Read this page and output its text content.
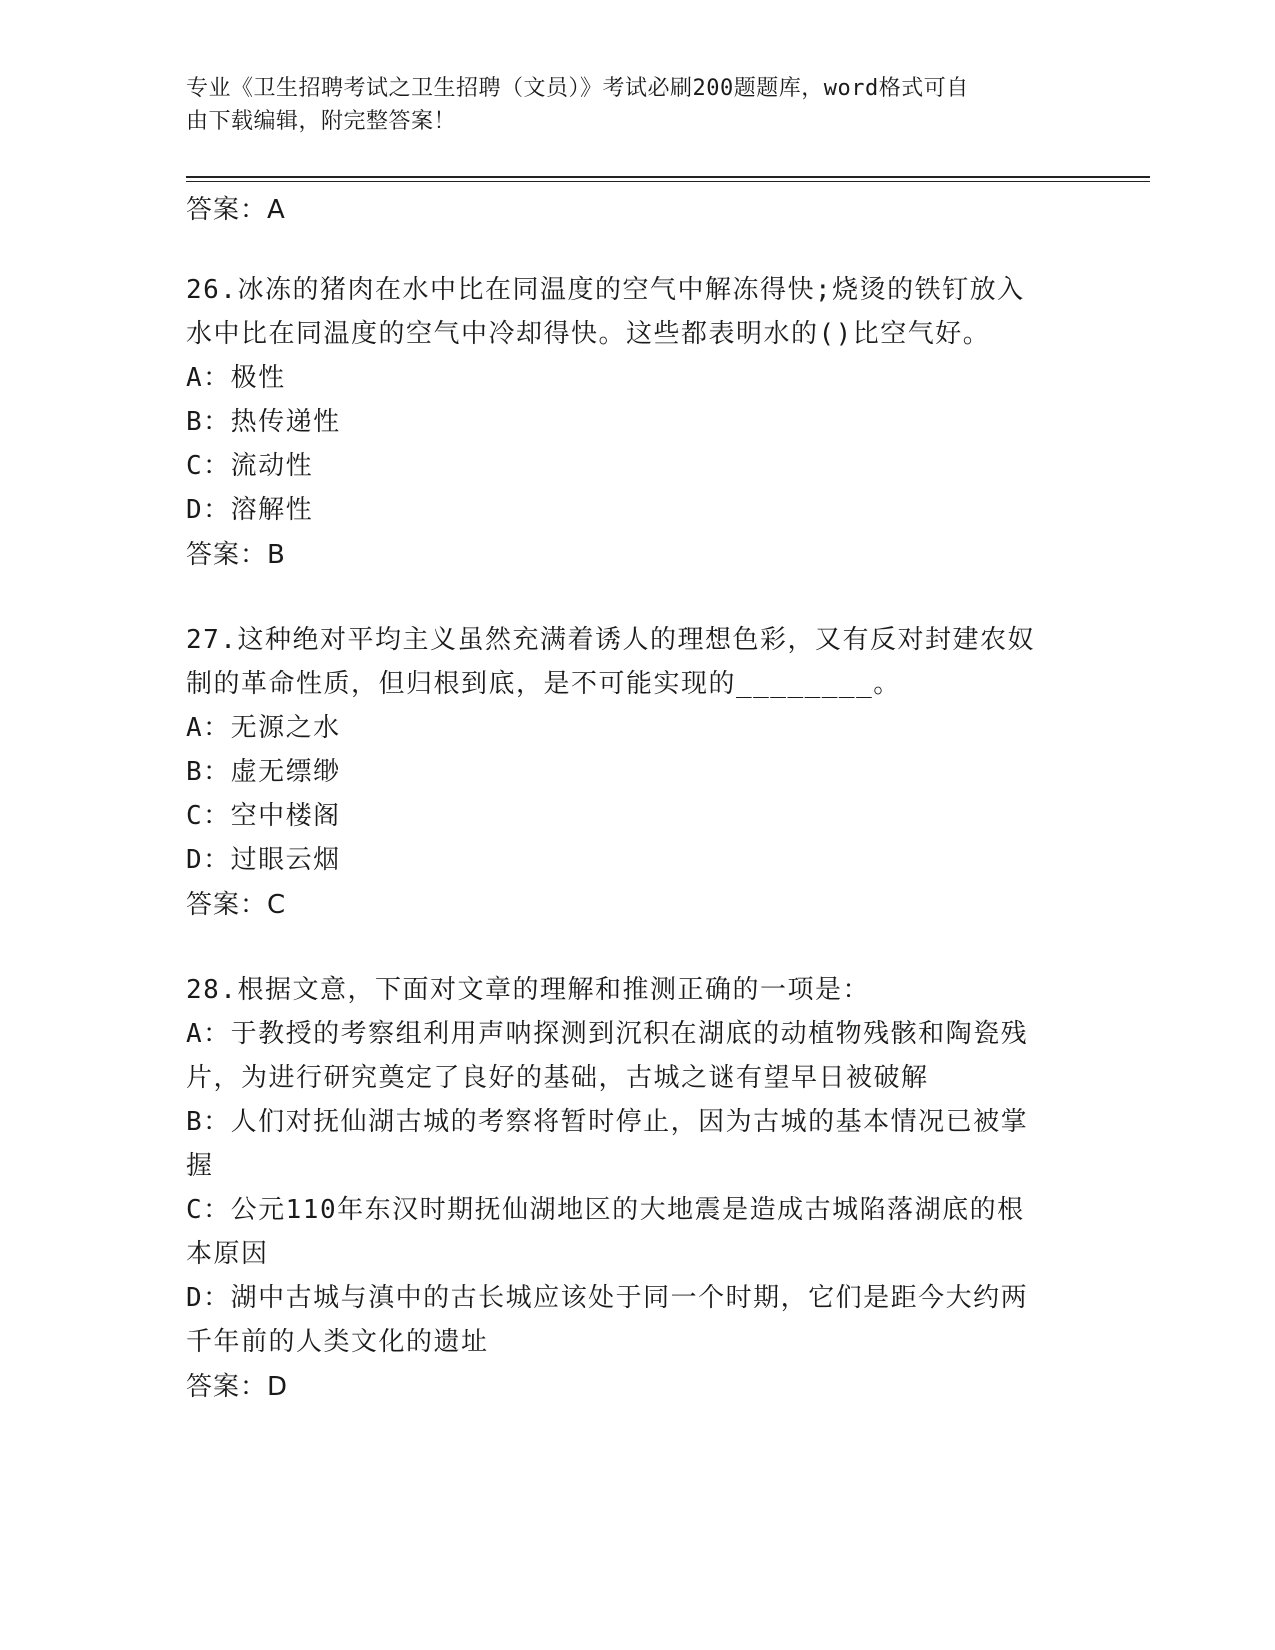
专业《卫生招聘考试之卫生招聘（文员）》考试必刷200题题库，word格式可自
由下载编辑，附完整答案！
答案：A
26.冰冻的猪肉在水中比在同温度的空气中解冻得快;烧烫的铁钉放入
水中比在同温度的空气中冷却得快。这些都表明水的()比空气好。
A：极性
B：热传递性
C：流动性
D：溶解性
答案：B
27.这种绝对平均主义虽然充满着诱人的理想色彩，又有反对封建农奴
制的革命性质，但归根到底，是不可能实现的________。
A：无源之水
B：虚无缥缈
C：空中楼阁
D：过眼云烟
答案：C
28.根据文意，下面对文章的理解和推测正确的一项是：
A：于教授的考察组利用声呐探测到沉积在湖底的动植物残骸和陶瓷残
片，为进行研究奠定了良好的基础，古城之谜有望早日被破解
B：人们对抚仙湖古城的考察将暂时停止，因为古城的基本情况已被掌
握
C：公元110年东汉时期抚仙湖地区的大地震是造成古城陷落湖底的根
本原因
D：湖中古城与滇中的古长城应该处于同一个时期，它们是距今大约两
千年前的人类文化的遗址
答案：D
